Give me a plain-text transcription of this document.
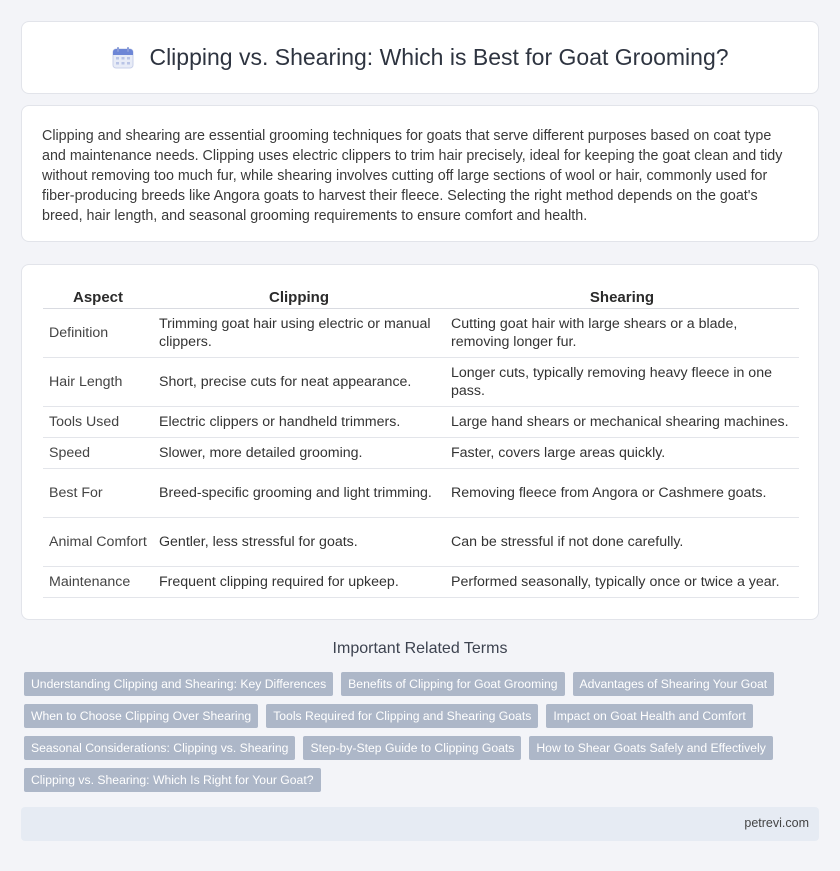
Clipping vs. Shearing: Which is Best for Goat Grooming?

Clipping and shearing are essential grooming techniques for goats that serve different purposes based on coat type and maintenance needs. Clipping uses electric clippers to trim hair precisely, ideal for keeping the goat clean and tidy without removing too much fur, while shearing involves cutting off large sections of wool or hair, commonly used for fiber-producing breeds like Angora goats to harvest their fleece. Selecting the right method depends on the goat's breed, hair length, and seasonal grooming requirements to ensure comfort and health.

Aspect	Clipping	Shearing
Definition	Trimming goat hair using electric or manual clippers.	Cutting goat hair with large shears or a blade, removing longer fur.
Hair Length	Short, precise cuts for neat appearance.	Longer cuts, typically removing heavy fleece in one pass.
Tools Used	Electric clippers or handheld trimmers.	Large hand shears or mechanical shearing machines.
Speed	Slower, more detailed grooming.	Faster, covers large areas quickly.
Best For	Breed-specific grooming and light trimming.	Removing fleece from Angora or Cashmere goats.
Animal Comfort	Gentler, less stressful for goats.	Can be stressful if not done carefully.
Maintenance	Frequent clipping required for upkeep.	Performed seasonally, typically once or twice a year.
Important Related Terms
Understanding Clipping and Shearing: Key Differences	Benefits of Clipping for Goat Grooming	Advantages of Shearing Your Goat
When to Choose Clipping Over Shearing	Tools Required for Clipping and Shearing Goats	Impact on Goat Health and Comfort
Seasonal Considerations: Clipping vs. Shearing	Step-by-Step Guide to Clipping Goats	How to Shear Goats Safely and Effectively
Clipping vs. Shearing: Which Is Right for Your Goat?
petrevi.com
